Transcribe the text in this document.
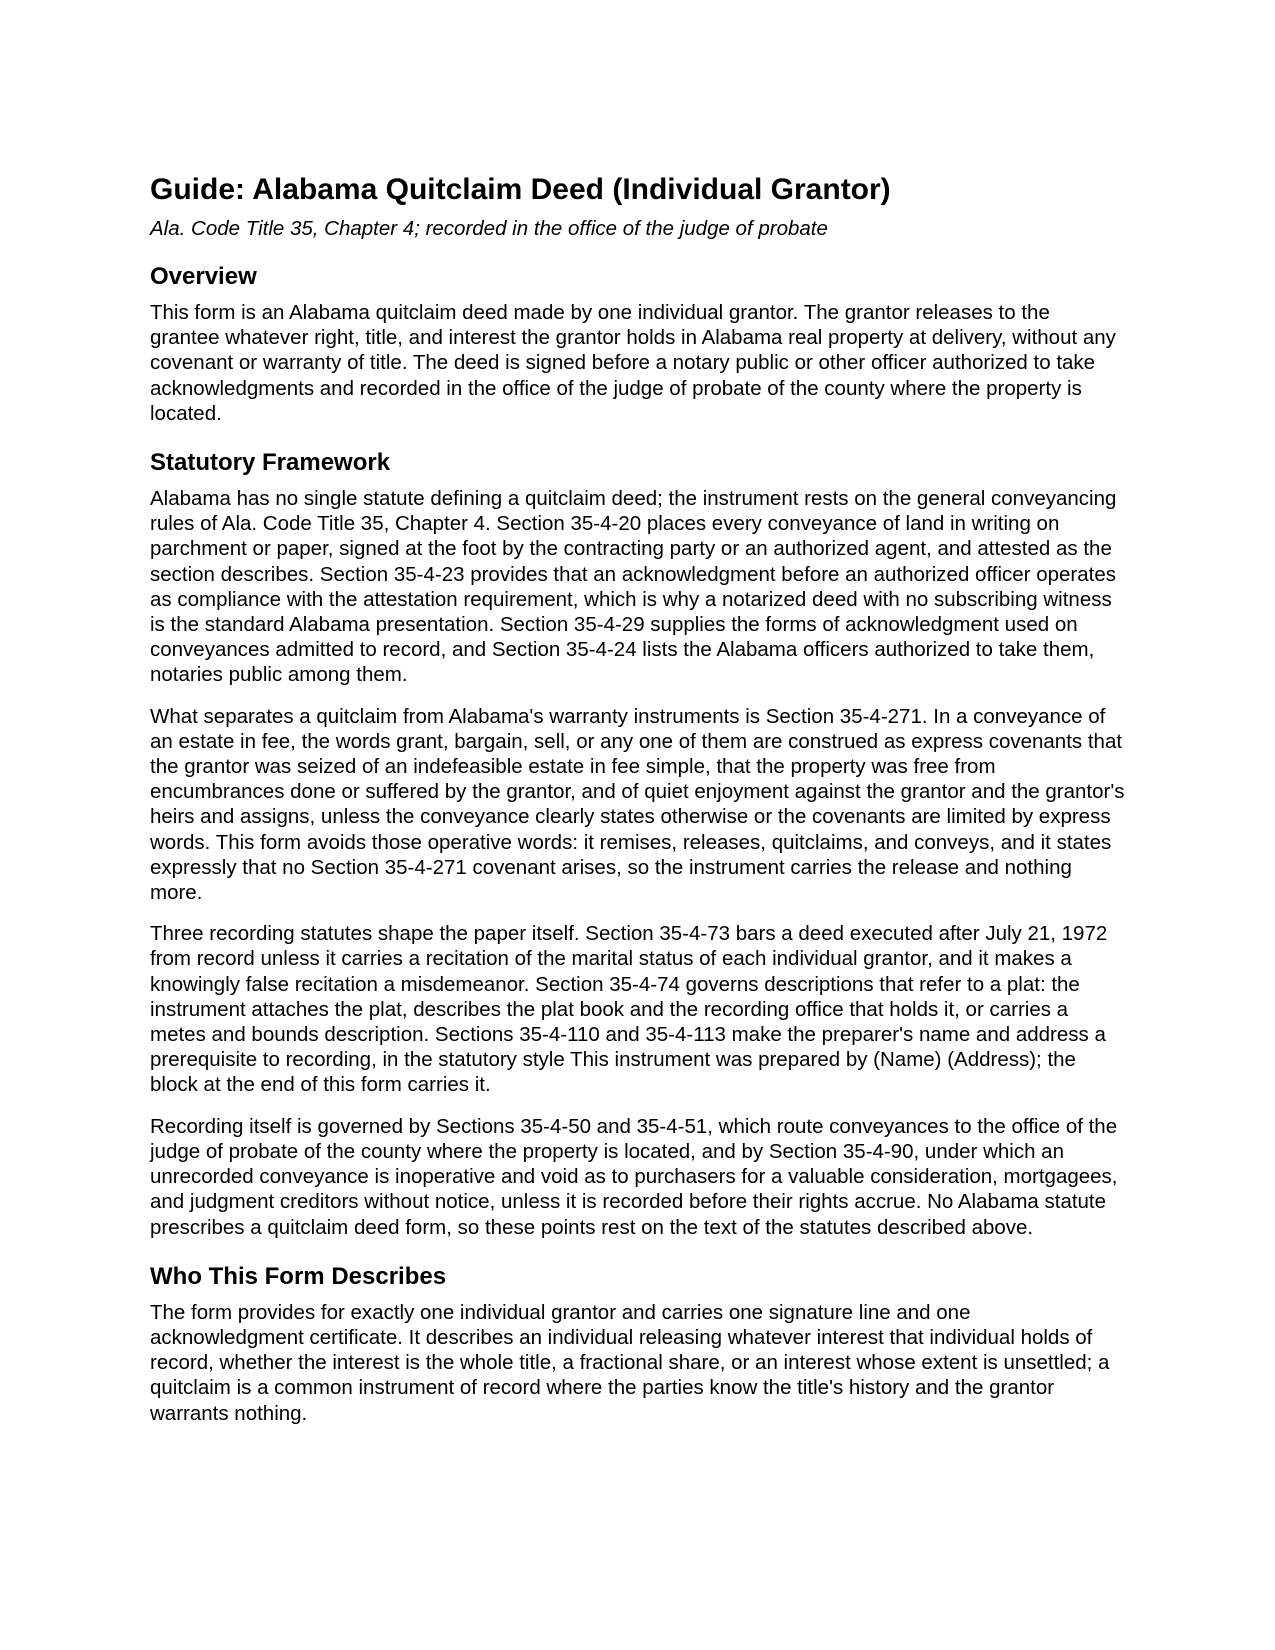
Guide: Alabama Quitclaim Deed (Individual Grantor)
Ala. Code Title 35, Chapter 4; recorded in the office of the judge of probate
Overview

This form is an Alabama quitclaim deed made by one individual grantor. The grantor releases to the grantee whatever right, title, and interest the grantor holds in Alabama real property at delivery, without any covenant or warranty of title. The deed is signed before a notary public or other officer authorized to take acknowledgments and recorded in the office of the judge of probate of the county where the property is located.

Statutory Framework

Alabama has no single statute defining a quitclaim deed; the instrument rests on the general conveyancing rules of Ala. Code Title 35, Chapter 4. Section 35-4-20 places every conveyance of land in writing on parchment or paper, signed at the foot by the contracting party or an authorized agent, and attested as the section describes. Section 35-4-23 provides that an acknowledgment before an authorized officer operates as compliance with the attestation requirement, which is why a notarized deed with no subscribing witness is the standard Alabama presentation. Section 35-4-29 supplies the forms of acknowledgment used on conveyances admitted to record, and Section 35-4-24 lists the Alabama officers authorized to take them, notaries public among them.

What separates a quitclaim from Alabama's warranty instruments is Section 35-4-271. In a conveyance of an estate in fee, the words grant, bargain, sell, or any one of them are construed as express covenants that the grantor was seized of an indefeasible estate in fee simple, that the property was free from encumbrances done or suffered by the grantor, and of quiet enjoyment against the grantor and the grantor's heirs and assigns, unless the conveyance clearly states otherwise or the covenants are limited by express words. This form avoids those operative words: it remises, releases, quitclaims, and conveys, and it states expressly that no Section 35-4-271 covenant arises, so the instrument carries the release and nothing more.

Three recording statutes shape the paper itself. Section 35-4-73 bars a deed executed after July 21, 1972 from record unless it carries a recitation of the marital status of each individual grantor, and it makes a knowingly false recitation a misdemeanor. Section 35-4-74 governs descriptions that refer to a plat: the instrument attaches the plat, describes the plat book and the recording office that holds it, or carries a metes and bounds description. Sections 35-4-110 and 35-4-113 make the preparer's name and address a prerequisite to recording, in the statutory style This instrument was prepared by (Name) (Address); the block at the end of this form carries it.

Recording itself is governed by Sections 35-4-50 and 35-4-51, which route conveyances to the office of the judge of probate of the county where the property is located, and by Section 35-4-90, under which an unrecorded conveyance is inoperative and void as to purchasers for a valuable consideration, mortgagees, and judgment creditors without notice, unless it is recorded before their rights accrue. No Alabama statute prescribes a quitclaim deed form, so these points rest on the text of the statutes described above.

Who This Form Describes

The form provides for exactly one individual grantor and carries one signature line and one acknowledgment certificate. It describes an individual releasing whatever interest that individual holds of record, whether the interest is the whole title, a fractional share, or an interest whose extent is unsettled; a quitclaim is a common instrument of record where the parties know the title's history and the grantor warrants nothing.
